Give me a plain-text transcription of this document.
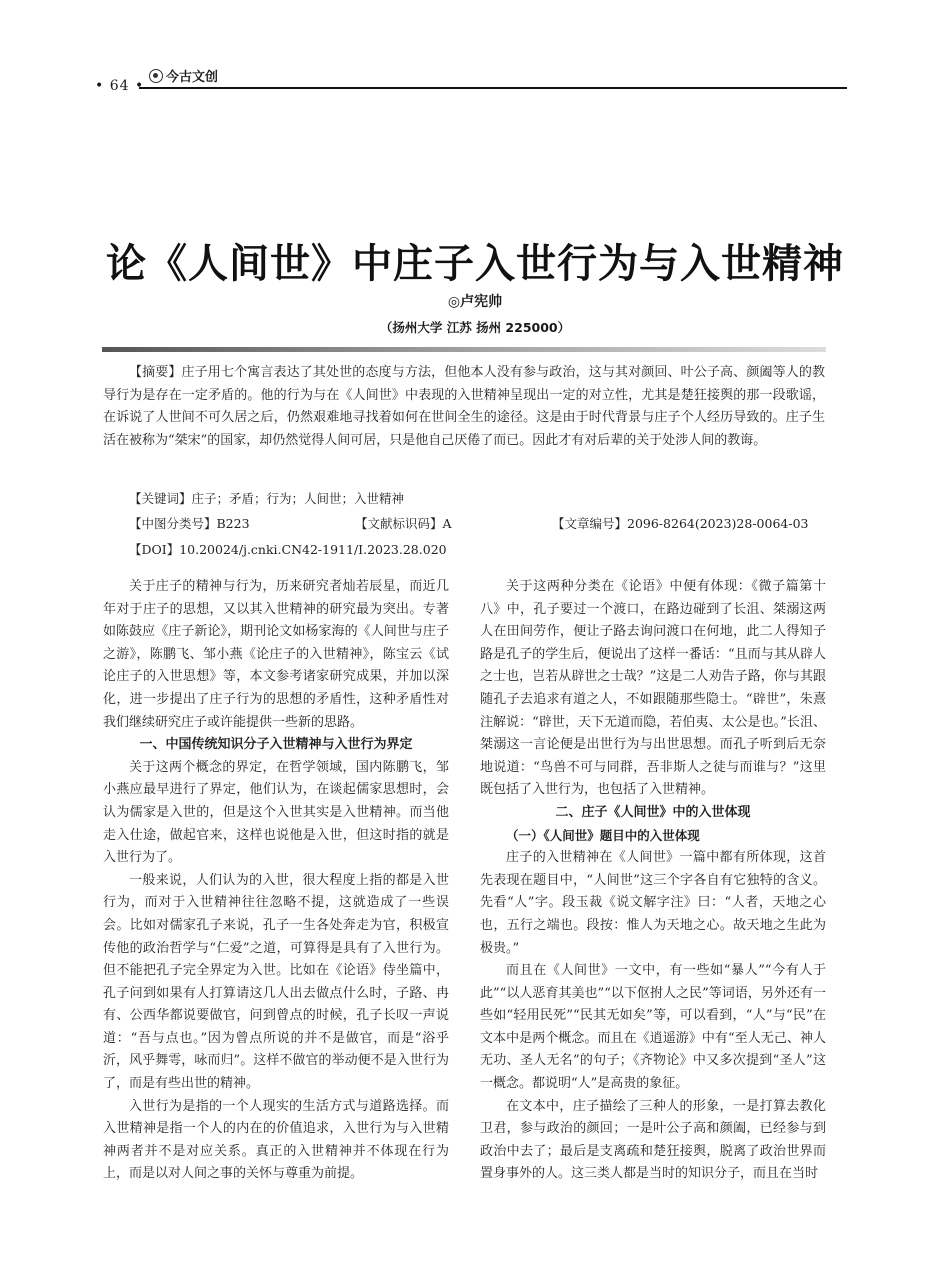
• 64 •
今古文创
论《人间世》中庄子入世行为与入世精神
◎卢宪帅
（扬州大学 江苏 扬州 225000）

【摘要】庄子用七个寓言表达了其处世的态度与方法，但他本人没有参与政治，这与其对颜回、叶公子高、颜阖等人的教导行为是存在一定矛盾的。他的行为与在《人间世》中表现的入世精神呈现出一定的对立性，尤其是楚狂接舆的那一段歌谣，在诉说了人世间不可久居之后，仍然艰难地寻找着如何在世间全生的途径。这是由于时代背景与庄子个人经历导致的。庄子生活在被称为“桀宋”的国家，却仍然觉得人间可居，只是他自己厌倦了而已。因此才有对后辈的关于处涉人间的教诲。

【关键词】庄子；矛盾；行为；人间世；入世精神
【中图分类号】B223	【文献标识码】A	【文章编号】2096-8264(2023)28-0064-03
【DOI】10.20024/j.cnki.CN42-1911/I.2023.28.020

关于庄子的精神与行为，历来研究者灿若辰星，而近几年对于庄子的思想，又以其入世精神的研究最为突出。专著如陈鼓应《庄子新论》，期刊论文如杨家海的《人间世与庄子之游》，陈鹏飞、邹小燕《论庄子的入世精神》，陈宝云《试论庄子的入世思想》等，本文参考诸家研究成果，并加以深化，进一步提出了庄子行为的思想的矛盾性，这种矛盾性对我们继续研究庄子或许能提供一些新的思路。

一、中国传统知识分子入世精神与入世行为界定

关于这两个概念的界定，在哲学领域，国内陈鹏飞，邹小燕应最早进行了界定，他们认为，在谈起儒家思想时，会认为儒家是入世的，但是这个入世其实是入世精神。而当他走入仕途，做起官来，这样也说他是入世，但这时指的就是入世行为了。

一般来说，人们认为的入世，很大程度上指的都是入世行为，而对于入世精神往往忽略不提，这就造成了一些误会。比如对儒家孔子来说，孔子一生各处奔走为官，积极宣传他的政治哲学与“仁爱”之道，可算得是具有了入世行为。但不能把孔子完全界定为入世。比如在《论语》侍坐篇中，孔子问到如果有人打算请这几人出去做点什么时，子路、冉有、公西华都说要做官，问到曾点的时候，孔子长叹一声说道：“吾与点也。”因为曾点所说的并不是做官，而是“浴乎沂，风乎舞雩，咏而归”。这样不做官的举动便不是入世行为了，而是有些出世的精神。

入世行为是指的一个人现实的生活方式与道路选择。而入世精神是指一个人的内在的价值追求，入世行为与入世精神两者并不是对应关系。真正的入世精神并不体现在行为上，而是以对人间之事的关怀与尊重为前提。

关于这两种分类在《论语》中便有体现：《微子篇第十八》中，孔子要过一个渡口，在路边碰到了长沮、桀溺这两人在田间劳作，便让子路去询问渡口在何地，此二人得知子路是孔子的学生后，便说出了这样一番话：“且而与其从辟人之士也，岂若从辟世之士哉？”这是二人劝告子路，你与其跟随孔子去追求有道之人，不如跟随那些隐士。“辟世”，朱熹注解说：“辟世，天下无道而隐，若伯夷、太公是也。”长沮、桀溺这一言论便是出世行为与出世思想。而孔子听到后无奈地说道：“鸟兽不可与同群，吾非斯人之徒与而谁与？”这里既包括了入世行为，也包括了入世精神。

二、庄子《人间世》中的入世体现
（一）《人间世》题目中的入世体现

庄子的入世精神在《人间世》一篇中都有所体现，这首先表现在题目中，“人间世”这三个字各自有它独特的含义。先看“人”字。段玉裁《说文解字注》曰：“人者，天地之心也，五行之端也。段按：惟人为天地之心。故天地之生此为极贵。”

而且在《人间世》一文中，有一些如“暴人”“今有人于此”“以人恶育其美也”“以下伛拊人之民”等词语，另外还有一些如“轻用民死”“民其无如矣”等，可以看到，“人”与“民”在文本中是两个概念。而且在《逍遥游》中有“至人无己、神人无功、圣人无名”的句子；《齐物论》中又多次提到“圣人”这一概念。都说明“人”是高贵的象征。

在文本中，庄子描绘了三种人的形象，一是打算去教化卫君，参与政治的颜回；一是叶公子高和颜阖，已经参与到政治中去了；最后是支离疏和楚狂接舆，脱离了政治世界而置身事外的人。这三类人都是当时的知识分子，而且在当时
